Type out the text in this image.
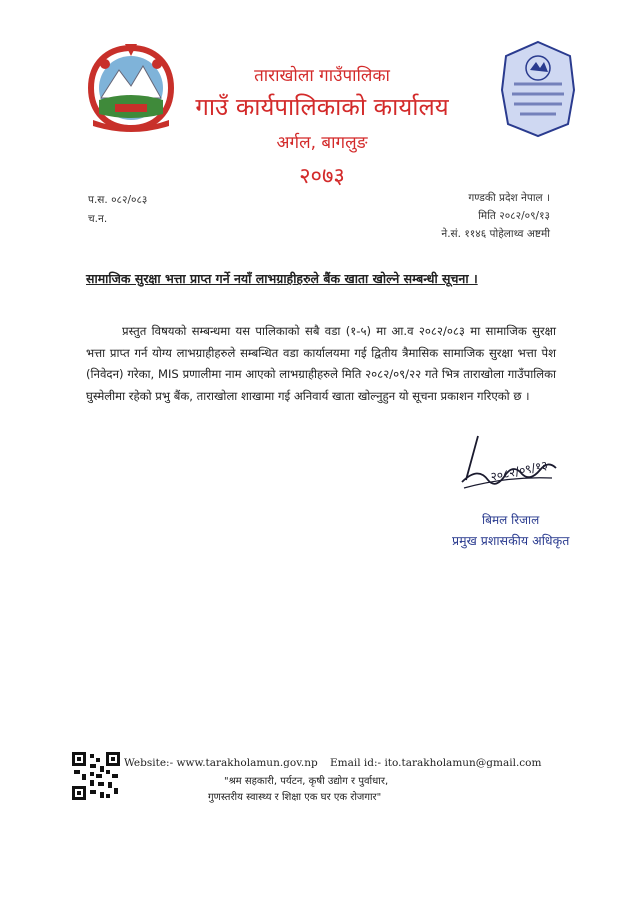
ताराखोला गाउँपालिका
गाउँ कार्यपालिकाको कार्यालय
अर्गल, बागलुङ
२०७३
प.स. ०८२/०८३
च.न.
गण्डकी प्रदेश नेपाल ।
मिति २०८२/०९/१३
ने.सं. ११४६ पोहेलाथ्व अष्टमी
सामाजिक सुरक्षा भत्ता प्राप्त गर्ने नयाँ लाभग्राहीहरुले बैंक खाता खोल्ने सम्बन्धी सूचना ।
प्रस्तुत विषयको सम्बन्धमा यस पालिकाको सबै वडा (१-५) मा आ.व २०८२/०८३ मा सामाजिक सुरक्षा भत्ता प्राप्त गर्न योग्य लाभग्राहीहरुले सम्बन्धित वडा कार्यालयमा गई द्वितीय त्रैमासिक सामाजिक सुरक्षा भत्ता पेश (निवेदन) गरेका, MIS प्रणालीमा नाम आएको लाभग्राहीहरुले मिति २०८२/०९/२२ गते भित्र ताराखोला गाउँपालिका घुस्मेलीमा रहेको प्रभु बैंक, ताराखोला शाखामा गई अनिवार्य खाता खोल्नुहुन यो सूचना प्रकाशन गरिएको छ ।
२०८२/०९/१३
बिमल रिजाल
प्रमुख प्रशासकीय अधिकृत
Website:- www.tarakholamun.gov.np Email id:- ito.tarakholamun@gmail.com
"श्रम सहकारी, पर्यटन, कृषी उद्योग र पुर्वाधार,
गुणस्तरीय स्वास्थ्य र शिक्षा एक घर एक रोजगार"
